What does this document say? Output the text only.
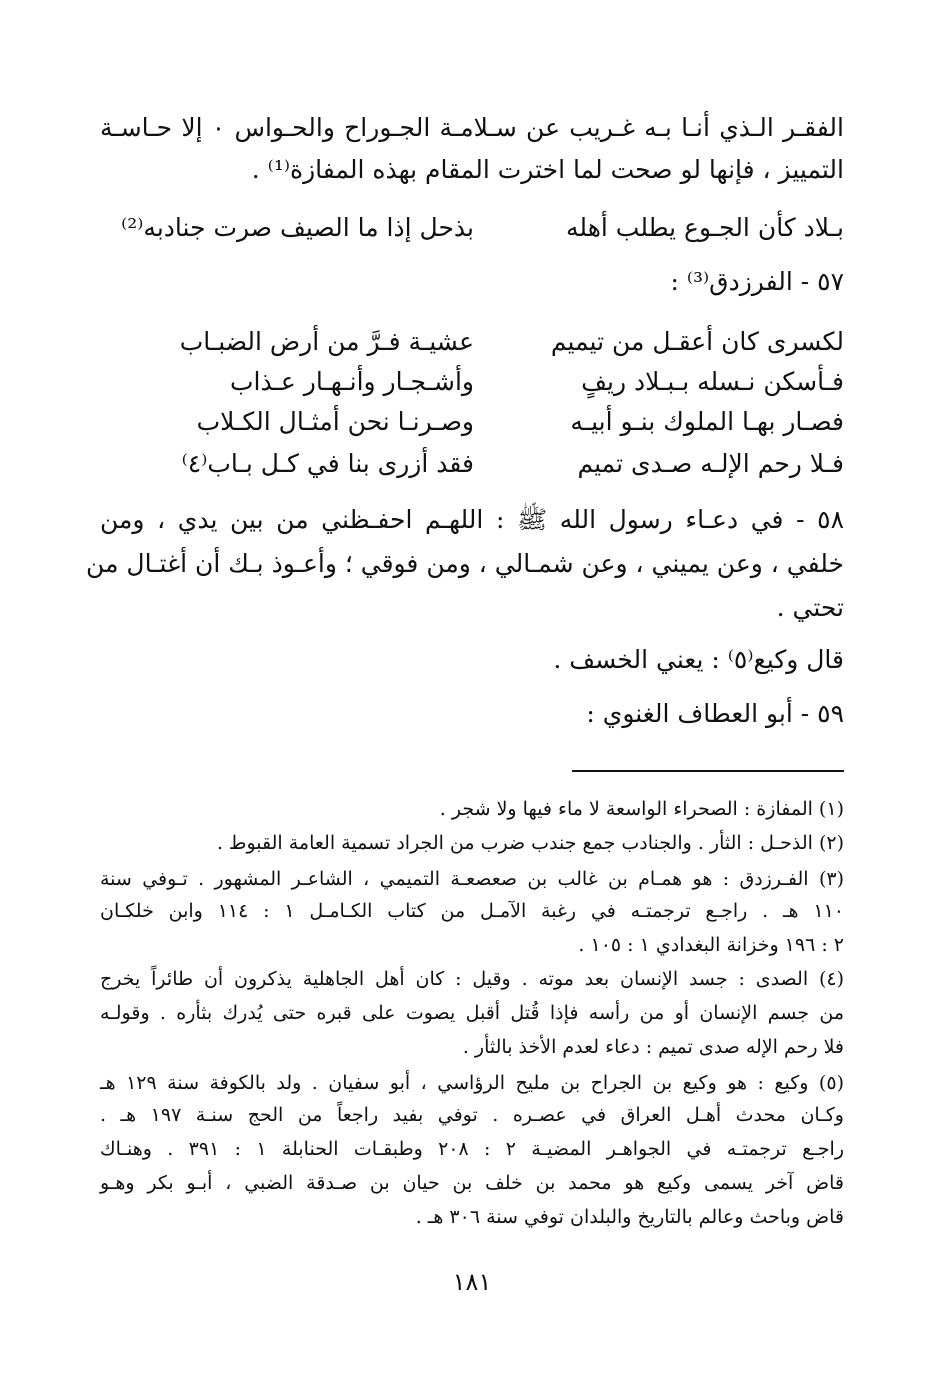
الفقـر الـذي أنـا بـه غـريب عن سـلامـة الجـوراح والحـواس ٠ إلا حـاسـة
التمييز ، فإنها لو صحت لما اخترت المقام بهذه المفازة⁽¹⁾ .
بـلاد كأن الجـوع يطلب أهله
بذحل إذا ما الصيف صرت جنادبه⁽²⁾
٥٧ - الفرزدق⁽³⁾ :
لكسرى كان أعقـل من تيميم
عشيـة فـرَّ من أرض الضبـاب
فـأسكن نـسله بـبـلاد ريفٍ
وأشـجـار وأنـهـار عـذاب
فصـار بهـا الملوك بنـو أبيـه
وصـرنـا نحن أمثـال الكـلاب
فـلا رحم الإلـه صـدى تميم
فقد أزرى بنا في كـل بـاب⁽٤⁾
٥٨ - في دعـاء رسول الله ﷺ : اللهـم احفـظني من بين يدي ، ومن
خلفي ، وعن يميني ، وعن شمـالي ، ومن فوقي ؛ وأعـوذ بـك أن أغتـال من
تحتي .
قال وكيع⁽٥⁾ : يعني الخسف .
٥٩ - أبو العطاف الغنوي :
(١) المفازة : الصحراء الواسعة لا ماء فيها ولا شجر .
(٢) الذحـل : الثأر . والجنادب جمع جندب ضرب من الجراد تسمية العامة القبوط .
(٣) الفـرزدق : هو همـام بن غالب بن صعصعـة التميمي ، الشاعـر المشهور . تـوفي سنة
١١٠ هـ . راجـع ترجمتـه في رغبة الآمـل من كتاب الكـامـل ١ : ١١٤ وابن خلكـان
٢ : ١٩٦ وخزانة البغدادي ١ : ١٠٥ .
(٤) الصدى : جسد الإنسان بعد موته . وقيل : كان أهل الجاهلية يذكرون أن طائراً يخرج
من جسم الإنسان أو من رأسه فإذا قُتل أقبل يصوت على قبره حتى يُدرك بثأره . وقولـه
فلا رحم الإله صدى تميم : دعاء لعدم الأخذ بالثأر .
(٥) وكيع : هو وكيع بن الجراح بن مليح الرؤاسي ، أبو سفيان . ولد بالكوفة سنة ١٢٩ هـ
وكـان محدث أهـل العراق في عصـره . توفي بفيد راجعاً من الحج سنـة ١٩٧ هـ .
راجـع ترجمتـه في الجواهـر المضيـة ٢ : ٢٠٨ وطبقـات الحنابلة ١ : ٣٩١ . وهنـاك
قاض آخر يسمى وكيع هو محمد بن خلف بن حيان بن صـدقة الضبي ، أبـو بكر وهـو
قاض وباحث وعالم بالتاريخ والبلدان توفي سنة ٣٠٦ هـ .
١٨١
